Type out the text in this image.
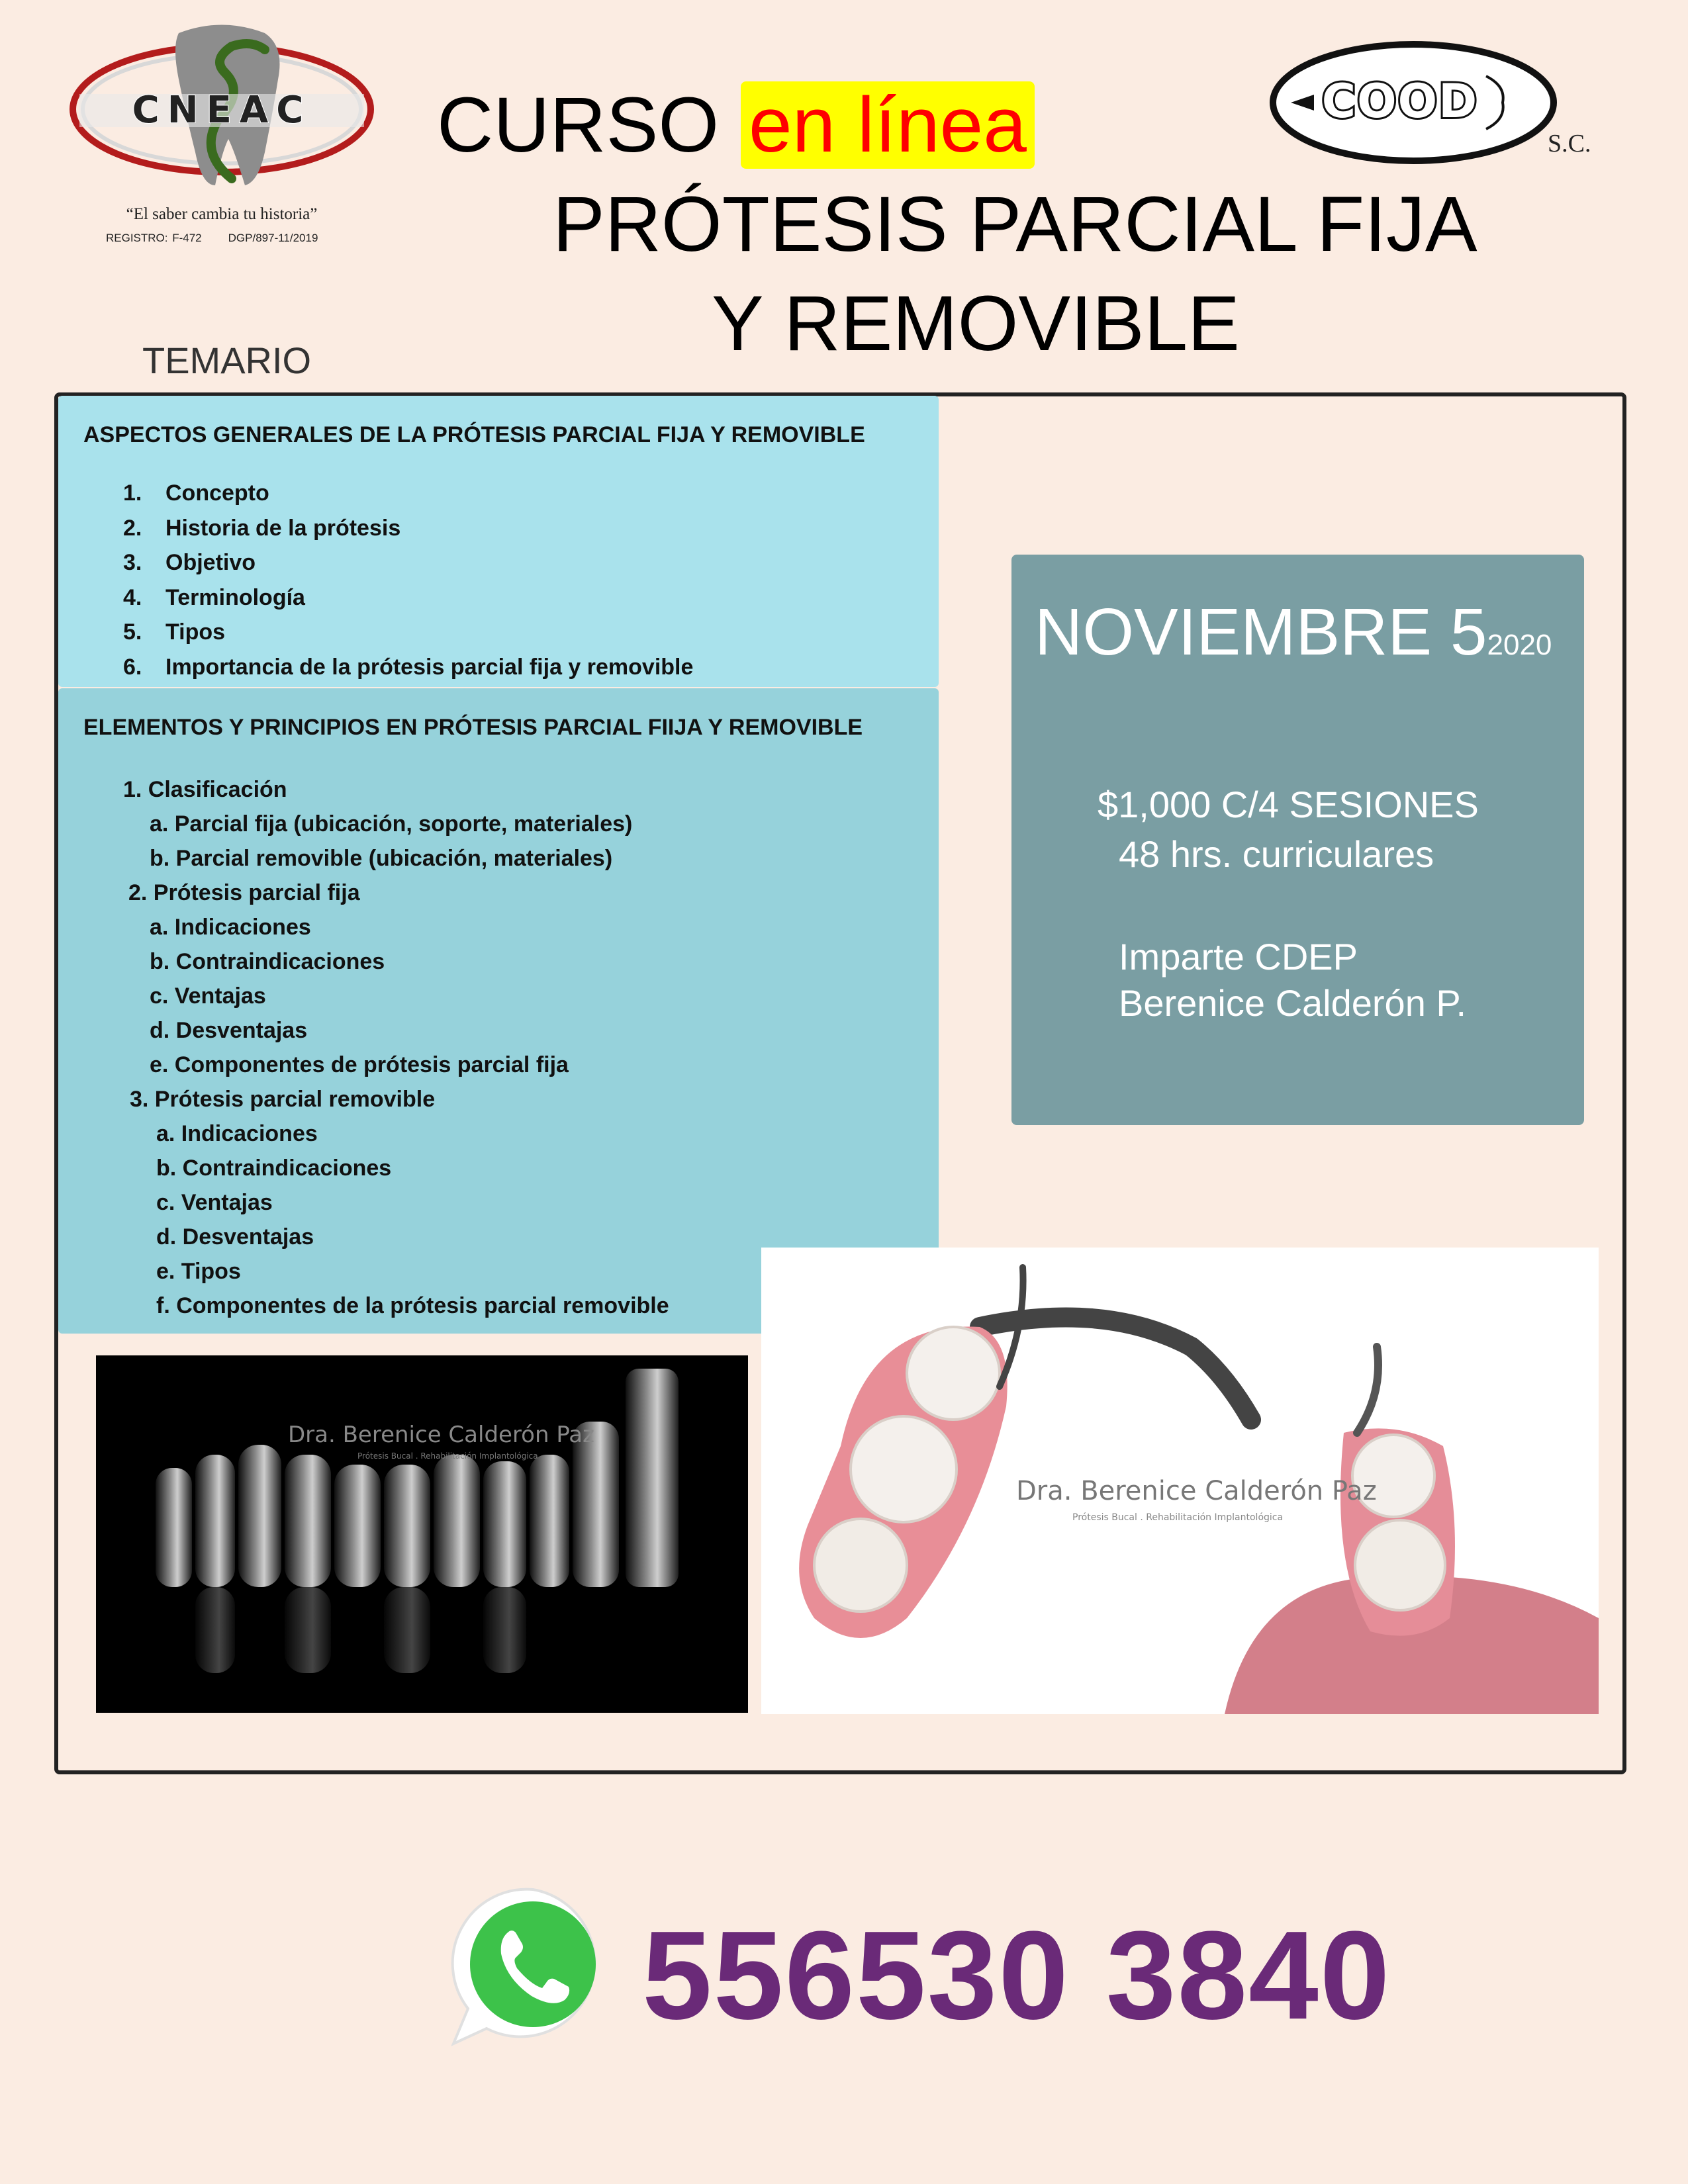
CNEAC
“El saber cambia tu historia”
REGISTRO: F-472 DGP/897-11/2019
COOD
S.C.
CURSO en línea
PRÓTESIS PARCIAL FIJA
Y REMOVIBLE
TEMARIO
ASPECTOS GENERALES DE LA PRÓTESIS PARCIAL FIJA Y REMOVIBLE
1. Concepto
2. Historia de la prótesis
3. Objetivo
4. Terminología
5. Tipos
6. Importancia de la prótesis parcial fija y removible
ELEMENTOS Y PRINCIPIOS EN PRÓTESIS PARCIAL FIIJA Y REMOVIBLE
1. Clasificación
a. Parcial fija (ubicación, soporte, materiales)
b. Parcial removible (ubicación, materiales)
2. Prótesis parcial fija
a. Indicaciones
b. Contraindicaciones
c. Ventajas
d. Desventajas
e. Componentes de prótesis parcial fija
3. Prótesis parcial removible
a. Indicaciones
b. Contraindicaciones
c. Ventajas
d. Desventajas
e. Tipos
f. Componentes de la prótesis parcial removible
NOVIEMBRE 52020
$1,000 C/4 SESIONES
48 hrs. curriculares
Imparte CDEP
Berenice Calderón P.
Dra. Berenice Calderón Paz
Prótesis Bucal . Rehabilitación Implantológica
Dra. Berenice Calderón Paz
Prótesis Bucal . Rehabilitación Implantológica
556530 3840
